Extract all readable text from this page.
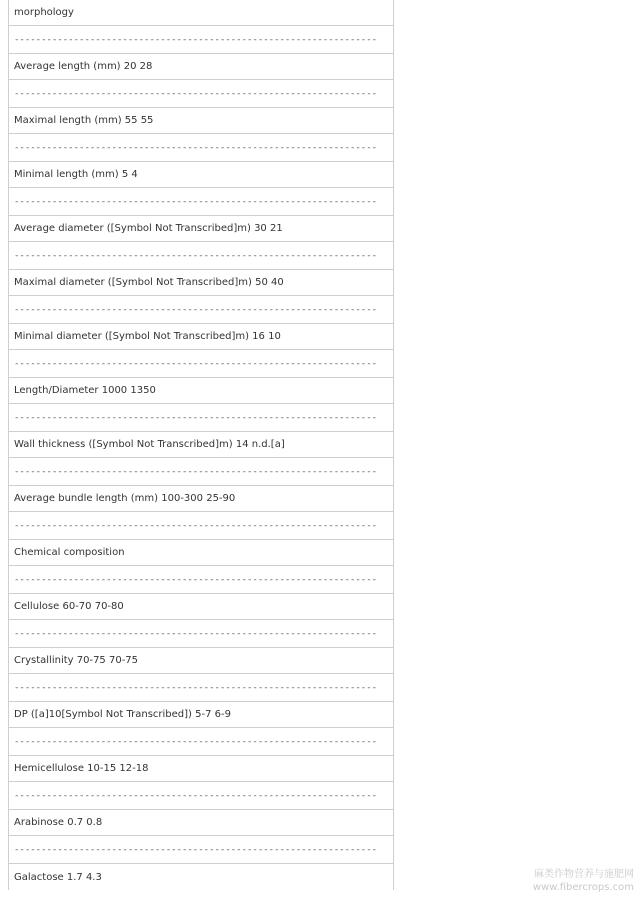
morphology
-------------------------------------------------------------------
Average length (mm) 20 28
-------------------------------------------------------------------
Maximal length (mm) 55 55
-------------------------------------------------------------------
Minimal length (mm) 5 4
-------------------------------------------------------------------
Average diameter ([Symbol Not Transcribed]m) 30 21
-------------------------------------------------------------------
Maximal diameter ([Symbol Not Transcribed]m) 50 40
-------------------------------------------------------------------
Minimal diameter ([Symbol Not Transcribed]m) 16 10
-------------------------------------------------------------------
Length/Diameter 1000 1350
-------------------------------------------------------------------
Wall thickness ([Symbol Not Transcribed]m) 14 n.d.[a]
-------------------------------------------------------------------
Average bundle length (mm) 100-300 25-90
-------------------------------------------------------------------
Chemical composition
-------------------------------------------------------------------
Cellulose 60-70 70-80
-------------------------------------------------------------------
Crystallinity 70-75 70-75
-------------------------------------------------------------------
DP ([a]10[Symbol Not Transcribed]) 5-7 6-9
-------------------------------------------------------------------
Hemicellulose 10-15 12-18
-------------------------------------------------------------------
Arabinose 0.7 0.8
-------------------------------------------------------------------
Galactose 1.7 4.3	麻类作物营养与施肥网
www.fibercrops.com
